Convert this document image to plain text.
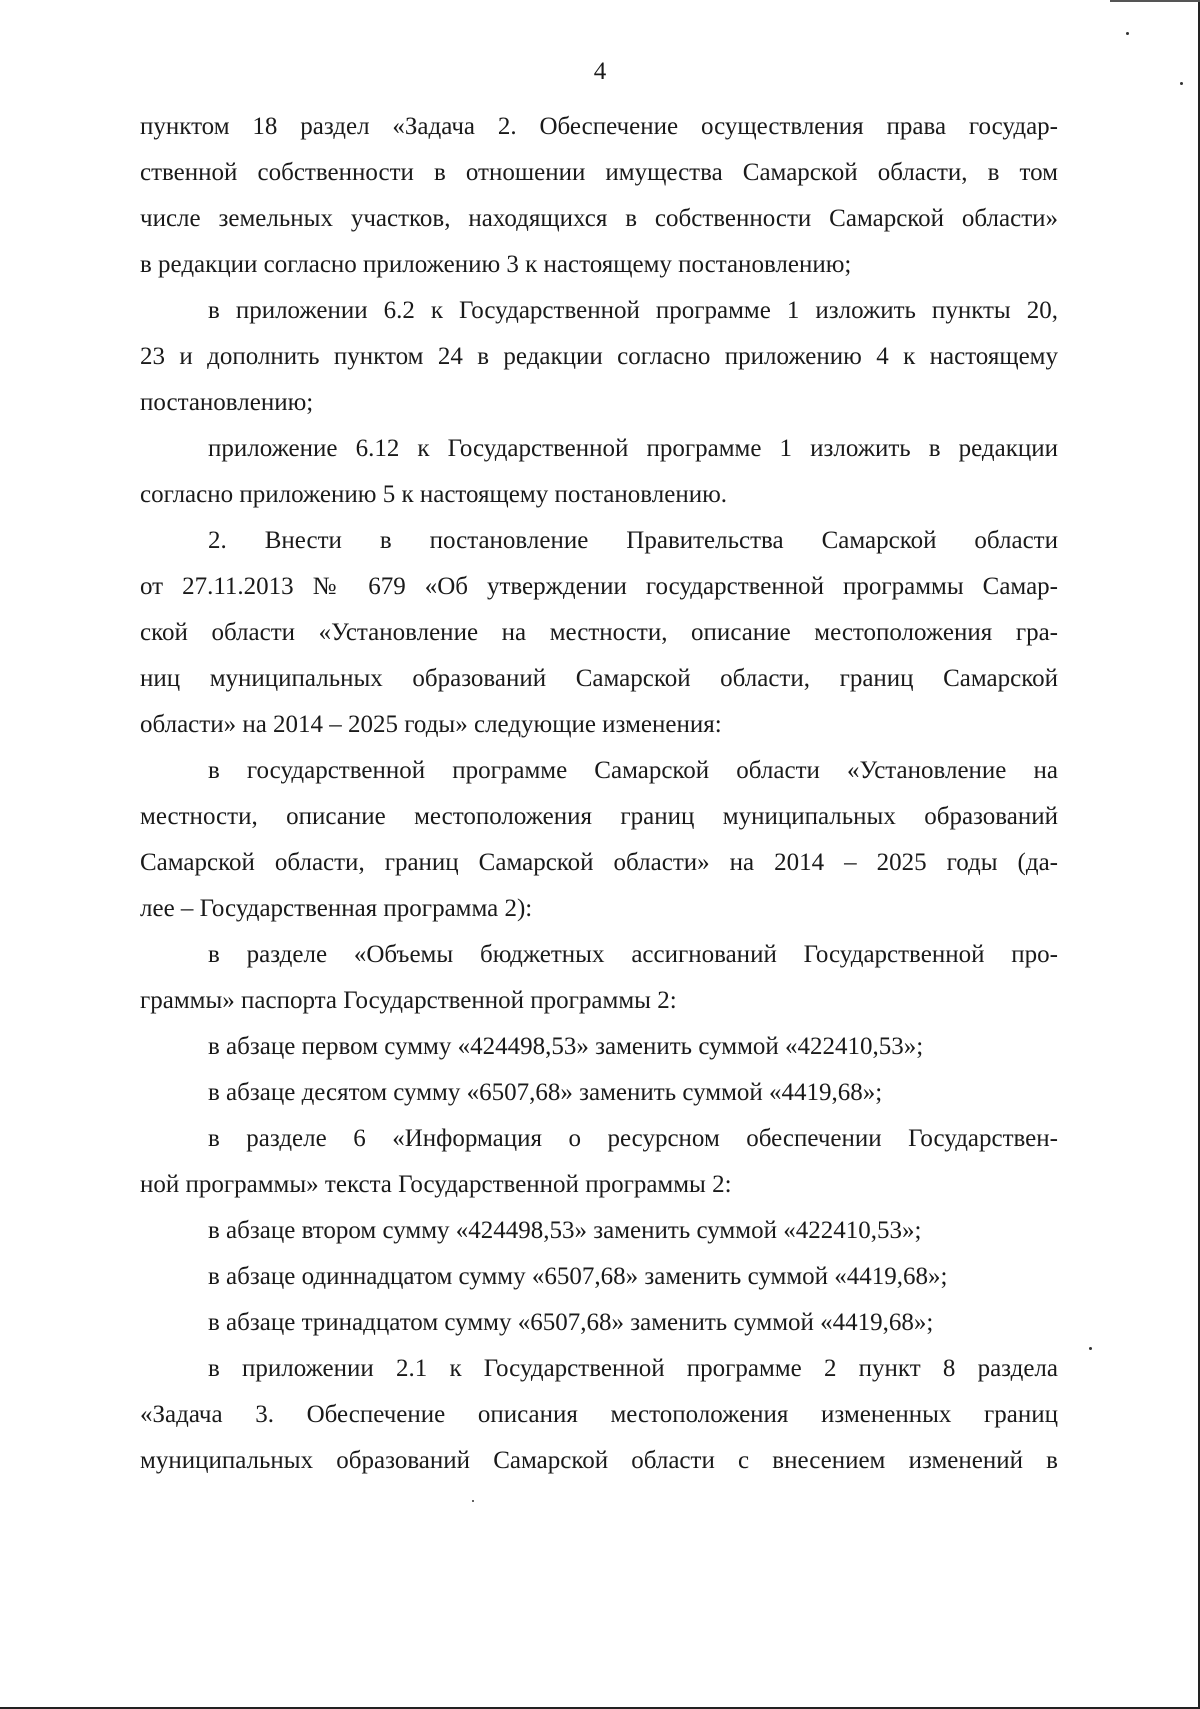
4
пунктом 18 раздел «Задача 2. Обеспечение осуществления права государ-
ственной собственности в отношении имущества Самарской области, в том
числе земельных участков, находящихся в собственности Самарской области»
в редакции согласно приложению 3 к настоящему постановлению;
в приложении 6.2 к Государственной программе 1 изложить пункты 20,
23 и дополнить пунктом 24 в редакции согласно приложению 4 к настоящему
постановлению;
приложение 6.12 к Государственной программе 1 изложить в редакции
согласно приложению 5 к настоящему постановлению.
2. Внести в постановление Правительства Самарской области
от 27.11.2013 № 679 «Об утверждении государственной программы Самар-
ской области «Установление на местности, описание местоположения гра-
ниц муниципальных образований Самарской области, границ Самарской
области» на 2014 – 2025 годы» следующие изменения:
в государственной программе Самарской области «Установление на
местности, описание местоположения границ муниципальных образований
Самарской области, границ Самарской области» на 2014 – 2025 годы (да-
лее – Государственная программа 2):
в разделе «Объемы бюджетных ассигнований Государственной про-
граммы» паспорта Государственной программы 2:
в абзаце первом сумму «424498,53» заменить суммой «422410,53»;
в абзаце десятом сумму «6507,68» заменить суммой «4419,68»;
в разделе 6 «Информация о ресурсном обеспечении Государствен-
ной программы» текста Государственной программы 2:
в абзаце втором сумму «424498,53» заменить суммой «422410,53»;
в абзаце одиннадцатом сумму «6507,68» заменить суммой «4419,68»;
в абзаце тринадцатом сумму «6507,68» заменить суммой «4419,68»;
в приложении 2.1 к Государственной программе 2 пункт 8 раздела
«Задача 3. Обеспечение описания местоположения измененных границ
муниципальных образований Самарской области с внесением изменений в
